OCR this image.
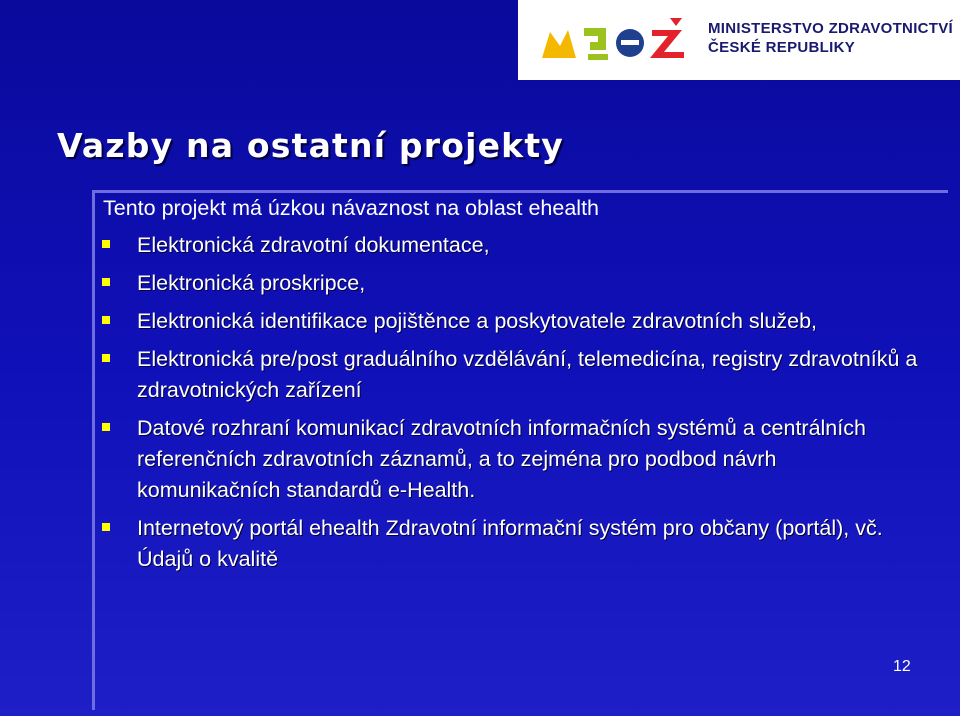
MINISTERSTVO ZDRAVOTNICTVÍ
ČESKÉ REPUBLIKY
Vazby na ostatní projekty
Tento projekt má úzkou návaznost na oblast ehealth
Elektronická zdravotní dokumentace,
Elektronická proskripce,
Elektronická identifikace pojištěnce a poskytovatele zdravotních služeb,
Elektronická pre/post graduálního vzdělávání, telemedicína, registry zdravotníků a zdravotnických zařízení
Datové rozhraní komunikací zdravotních informačních systémů a centrálních referenčních zdravotních záznamů, a to zejména pro podbod návrh komunikačních standardů e-Health.
Internetový portál ehealth Zdravotní informační systém pro občany (portál), vč. Údajů o kvalitě
12
